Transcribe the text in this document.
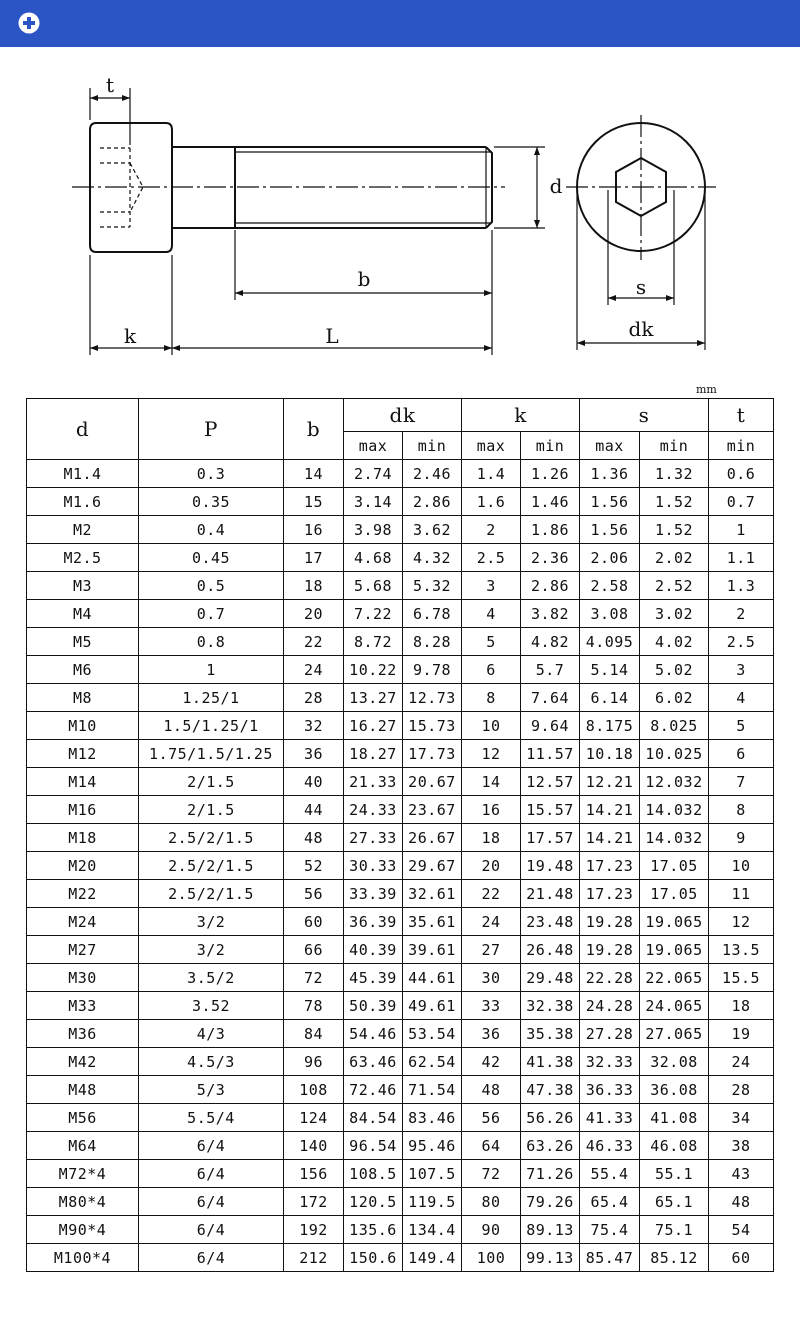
t
d
b
k	L
s
dk
mm
d	P	b	dk		k		s		t
			max	min	max	min	max	min	min
M1.4	0.3	14	2.74	2.46	1.4	1.26	1.36	1.32	0.6
M1.6	0.35	15	3.14	2.86	1.6	1.46	1.56	1.52	0.7
M2	0.4	16	3.98	3.62	2	1.86	1.56	1.52	1
M2.5	0.45	17	4.68	4.32	2.5	2.36	2.06	2.02	1.1
M3	0.5	18	5.68	5.32	3	2.86	2.58	2.52	1.3
M4	0.7	20	7.22	6.78	4	3.82	3.08	3.02	2
M5	0.8	22	8.72	8.28	5	4.82	4.095	4.02	2.5
M6	1	24	10.22	9.78	6	5.7	5.14	5.02	3
M8	1.25/1	28	13.27	12.73	8	7.64	6.14	6.02	4
M10	1.5/1.25/1	32	16.27	15.73	10	9.64	8.175	8.025	5
M12	1.75/1.5/1.25	36	18.27	17.73	12	11.57	10.18	10.025	6
M14	2/1.5	40	21.33	20.67	14	12.57	12.21	12.032	7
M16	2/1.5	44	24.33	23.67	16	15.57	14.21	14.032	8
M18	2.5/2/1.5	48	27.33	26.67	18	17.57	14.21	14.032	9
M20	2.5/2/1.5	52	30.33	29.67	20	19.48	17.23	17.05	10
M22	2.5/2/1.5	56	33.39	32.61	22	21.48	17.23	17.05	11
M24	3/2	60	36.39	35.61	24	23.48	19.28	19.065	12
M27	3/2	66	40.39	39.61	27	26.48	19.28	19.065	13.5
M30	3.5/2	72	45.39	44.61	30	29.48	22.28	22.065	15.5
M33	3.52	78	50.39	49.61	33	32.38	24.28	24.065	18
M36	4/3	84	54.46	53.54	36	35.38	27.28	27.065	19
M42	4.5/3	96	63.46	62.54	42	41.38	32.33	32.08	24
M48	5/3	108	72.46	71.54	48	47.38	36.33	36.08	28
M56	5.5/4	124	84.54	83.46	56	56.26	41.33	41.08	34
M64	6/4	140	96.54	95.46	64	63.26	46.33	46.08	38
M72*4	6/4	156	108.5	107.5	72	71.26	55.4	55.1	43
M80*4	6/4	172	120.5	119.5	80	79.26	65.4	65.1	48
M90*4	6/4	192	135.6	134.4	90	89.13	75.4	75.1	54
M100*4	6/4	212	150.6	149.4	100	99.13	85.47	85.12	60
